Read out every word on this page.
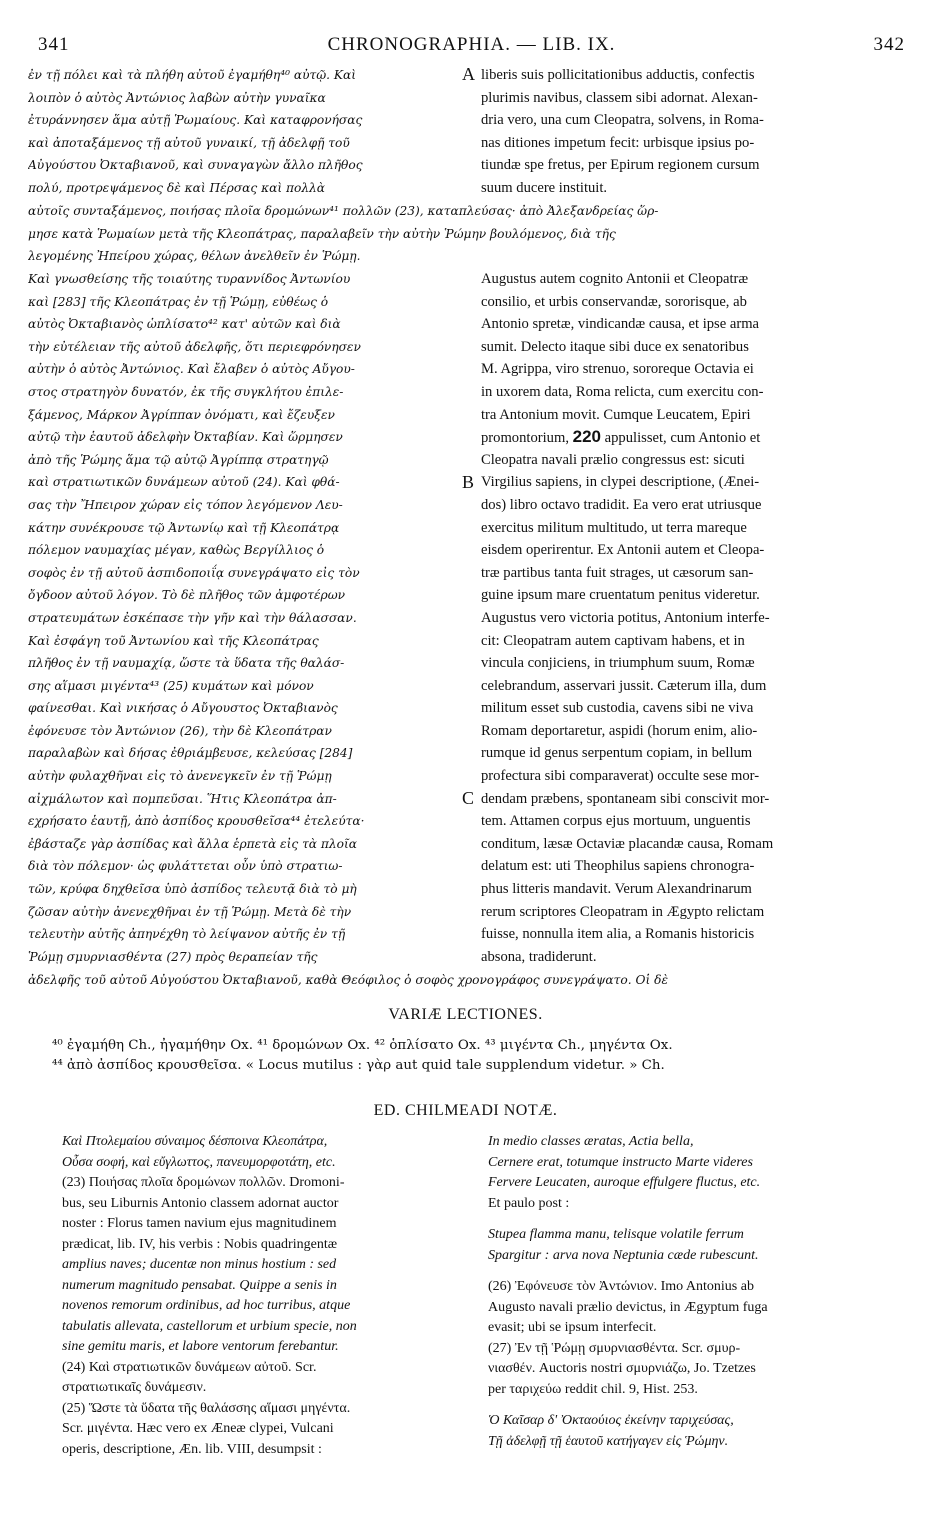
341	CHRONOGRAPHIA. — LIB. IX.	342
ἐν τῇ πόλει καὶ τὰ πλήθη αὐτοῦ ἐγαμήθη⁴⁰ αὐτῷ. Καὶ
λοιπὸν ὁ αὐτὸς Ἀντώνιος λαβὼν αὐτὴν γυναῖκα
ἐτυράννησεν ἅμα αὐτῇ Ῥωμαίους. Καὶ καταφρονήσας
καὶ ἀποταξάμενος τῇ αὐτοῦ γυναικί, τῇ ἀδελφῇ τοῦ
Αὐγούστου Ὀκταβιανοῦ, καὶ συναγαγὼν ἄλλο πλῆθος
πολύ, προτρεψάμενος δὲ καὶ Πέρσας καὶ πολλὰ
A liberis suis pollicitationibus adductis, confectis
plurimis navibus, classem sibi adornat. Alexan-
dria vero, una cum Cleopatra, solvens, in Roma-
nas ditiones impetum fecit: urbisque ipsius po-
tiundæ spe fretus, per Epirum regionem cursum
suum ducere instituit.
αὐτοῖς συνταξάμενος, ποιήσας πλοῖα δρομώνων⁴¹ πολλῶν (23), καταπλεύσας· ἀπὸ Ἀλεξανδρείας ὥρ-
μησε κατὰ Ῥωμαίων μετὰ τῆς Κλεοπάτρας, παραλαβεῖν τὴν αὐτὴν Ῥώμην βουλόμενος, διὰ τῆς
λεγομένης Ἠπείρου χώρας, θέλων ἀνελθεῖν ἐν Ῥώμῃ.
Καὶ γνωσθείσης τῆς τοιαύτης τυραννίδος Ἀντωνίου
καὶ [283] τῆς Κλεοπάτρας ἐν τῇ Ῥώμῃ, εὐθέως ὁ
αὐτὸς Ὀκταβιανὸς ὡπλίσατο⁴² κατ' αὐτῶν καὶ διὰ
τὴν εὐτέλειαν τῆς αὐτοῦ ἀδελφῆς, ὅτι περιεφρόνησεν
αὐτὴν ὁ αὐτὸς Ἀντώνιος. Καὶ ἔλαβεν ὁ αὐτὸς Αὔγου-
στος στρατηγὸν δυνατόν, ἐκ τῆς συγκλήτου ἐπιλε-
ξάμενος, Μάρκον Ἀγρίππαν ὀνόματι, καὶ ἔζευξεν
αὐτῷ τὴν ἑαυτοῦ ἀδελφὴν Ὀκταβίαν. Καὶ ὥρμησεν
ἀπὸ τῆς Ῥώμης ἅμα τῷ αὐτῷ Ἀγρίππᾳ στρατηγῷ
καὶ στρατιωτικῶν δυνάμεων αὐτοῦ (24). Καὶ φθά-
σας τὴν Ἤπειρον χώραν εἰς τόπον λεγόμενον Λευ-
κάτην συνέκρουσε τῷ Ἀντωνίῳ καὶ τῇ Κλεοπάτρᾳ
πόλεμον ναυμαχίας μέγαν, καθὼς Βεργίλλιος ὁ
σοφὸς ἐν τῇ αὐτοῦ ἀσπιδοποιΐᾳ συνεγράψατο εἰς τὸν
ὄγδοον αὐτοῦ λόγον. Τὸ δὲ πλῆθος τῶν ἀμφοτέρων
στρατευμάτων ἐσκέπασε τὴν γῆν καὶ τὴν θάλασσαν.
Καὶ ἐσφάγη τοῦ Ἀντωνίου καὶ τῆς Κλεοπάτρας
πλῆθος ἐν τῇ ναυμαχίᾳ, ὥστε τὰ ὕδατα τῆς θαλάσ-
σης αἵμασι μιγέντα⁴³ (25) κυμάτων καὶ μόνον
φαίνεσθαι. Καὶ νικήσας ὁ Αὔγουστος Ὀκταβιανὸς
ἐφόνευσε τὸν Ἀντώνιον (26), τὴν δὲ Κλεοπάτραν
παραλαβὼν καὶ δήσας ἐθριάμβευσε, κελεύσας [284]
αὐτὴν φυλαχθῆναι εἰς τὸ ἀνενεγκεῖν ἐν τῇ Ῥώμῃ
αἰχμάλωτον καὶ πομπεῦσαι. Ἥτις Κλεοπάτρα ἀπ-
εχρήσατο ἑαυτῇ, ἀπὸ ἀσπίδος κρουσθεῖσα⁴⁴ ἐτελεύτα·
ἐβάσταζε γὰρ ἀσπίδας καὶ ἄλλα ἑρπετὰ εἰς τὰ πλοῖα
διὰ τὸν πόλεμον· ὡς φυλάττεται οὖν ὑπὸ στρατιω-
τῶν, κρύφα δηχθεῖσα ὑπὸ ἀσπίδος τελευτᾷ διὰ τὸ μὴ
ζῶσαν αὐτὴν ἀνενεχθῆναι ἐν τῇ Ῥώμῃ. Μετὰ δὲ τὴν
τελευτὴν αὐτῆς ἀπηνέχθη τὸ λείψανον αὐτῆς ἐν τῇ
Ῥώμῃ σμυρνιασθέντα (27) πρὸς θεραπείαν τῆς
B
C
Augustus autem cognito Antonii et Cleopatræ
consilio, et urbis conservandæ, sororisque, ab
Antonio spretæ, vindicandæ causa, et ipse arma
sumit. Delecto itaque sibi duce ex senatoribus
M. Agrippa, viro strenuo, sororeque Octavia ei
in uxorem data, Roma relicta, cum exercitu con-
tra Antonium movit. Cumque Leucatem, Epiri
promontorium, 220 appulisset, cum Antonio et
Cleopatra navali prælio congressus est: sicuti
Virgilius sapiens, in clypei descriptione, (Ænei-
dos) libro octavo tradidit. Ea vero erat utriusque
exercitus militum multitudo, ut terra mareque
eisdem operirentur. Ex Antonii autem et Cleopa-
træ partibus tanta fuit strages, ut cæsorum san-
guine ipsum mare cruentatum penitus videretur.
Augustus vero victoria potitus, Antonium interfe-
cit: Cleopatram autem captivam habens, et in
vincula conjiciens, in triumphum suum, Romæ
celebrandum, asservari jussit. Cæterum illa, dum
militum esset sub custodia, cavens sibi ne viva
Romam deportaretur, aspidi (horum enim, alio-
rumque id genus serpentum copiam, in bellum
profectura sibi comparaverat) occulte sese mor-
dendam præbens, spontaneam sibi conscivit mor-
tem. Attamen corpus ejus mortuum, unguentis
conditum, læsæ Octaviæ placandæ causa, Romam
delatum est: uti Theophilus sapiens chronogra-
phus litteris mandavit. Verum Alexandrinarum
rerum scriptores Cleopatram in Ægypto relictam
fuisse, nonnulla item alia, a Romanis historicis
absona, tradiderunt.
ἀδελφῆς τοῦ αὐτοῦ Αὐγούστου Ὀκταβιανοῦ, καθὰ Θεόφιλος ὁ σοφὸς χρονογράφος συνεγράψατο. Οἱ δὲ
VARIÆ LECTIONES.
⁴⁰ ἐγαμήθη Ch., ἠγαμήθην Ox. ⁴¹ δρομώνων Ox. ⁴² ὁπλίσατο Ox. ⁴³ μιγέντα Ch., μηγέντα Ox.
⁴⁴ ἀπὸ ἀσπίδος κρουσθεῖσα. « Locus mutilus : γὰρ aut quid tale supplendum videtur. » Ch.
ED. CHILMEADI NOTÆ.
Καὶ Πτολεμαίου σύναιμος δέσποινα Κλεοπάτρα,
Οὖσα σοφή, καὶ εὔγλωττος, πανευμορφοτάτη, etc.
(23) Ποιήσας πλοῖα δρομώνων πολλῶν. Dromoni-
bus, seu Liburnis Antonio classem adornat auctor
noster : Florus tamen navium ejus magnitudinem
prædicat, lib. IV, his verbis : Nobis quadringentæ
amplius naves; ducentæ non minus hostium : sed
numerum magnitudo pensabat. Quippe a senis in
novenos remorum ordinibus, ad hoc turribus, atque
tabulatis allevata, castellorum et urbium specie, non
sine gemitu maris, et labore ventorum ferebantur.
(24) Καὶ στρατιωτικῶν δυνάμεων αὐτοῦ. Scr.
στρατιωτικαῖς δυνάμεσιν.
(25) Ὥστε τὰ ὕδατα τῆς θαλάσσης αἵμασι μηγέντα.
Scr. μιγέντα. Hæc vero ex Æneæ clypei, Vulcani
operis, descriptione, Æn. lib. VIII, desumpsit :
In medio classes æratas, Actia bella,
Cernere erat, totumque instructo Marte videres
Fervere Leucaten, auroque effulgere fluctus, etc.
Et paulo post :
Stupea flamma manu, telisque volatile ferrum
Spargitur : arva nova Neptunia cæde rubescunt.
(26) Ἐφόνευσε τὸν Ἀντώνιον. Imo Antonius ab
Augusto navali prælio devictus, in Ægyptum fuga
evasit; ubi se ipsum interfecit.
(27) Ἐν τῇ Ῥώμῃ σμυρνιασθέντα. Scr. σμυρ-
νιασθέν. Auctoris nostri σμυρνιάζω, Jo. Tzetzes
per ταριχεύω reddit chil. 9, Hist. 253.
Ὁ Καῖσαρ δ' Ὀκταούιος ἐκείνην ταριχεύσας,
Τῇ ἀδελφῇ τῇ ἑαυτοῦ κατήγαγεν εἰς Ῥώμην.
